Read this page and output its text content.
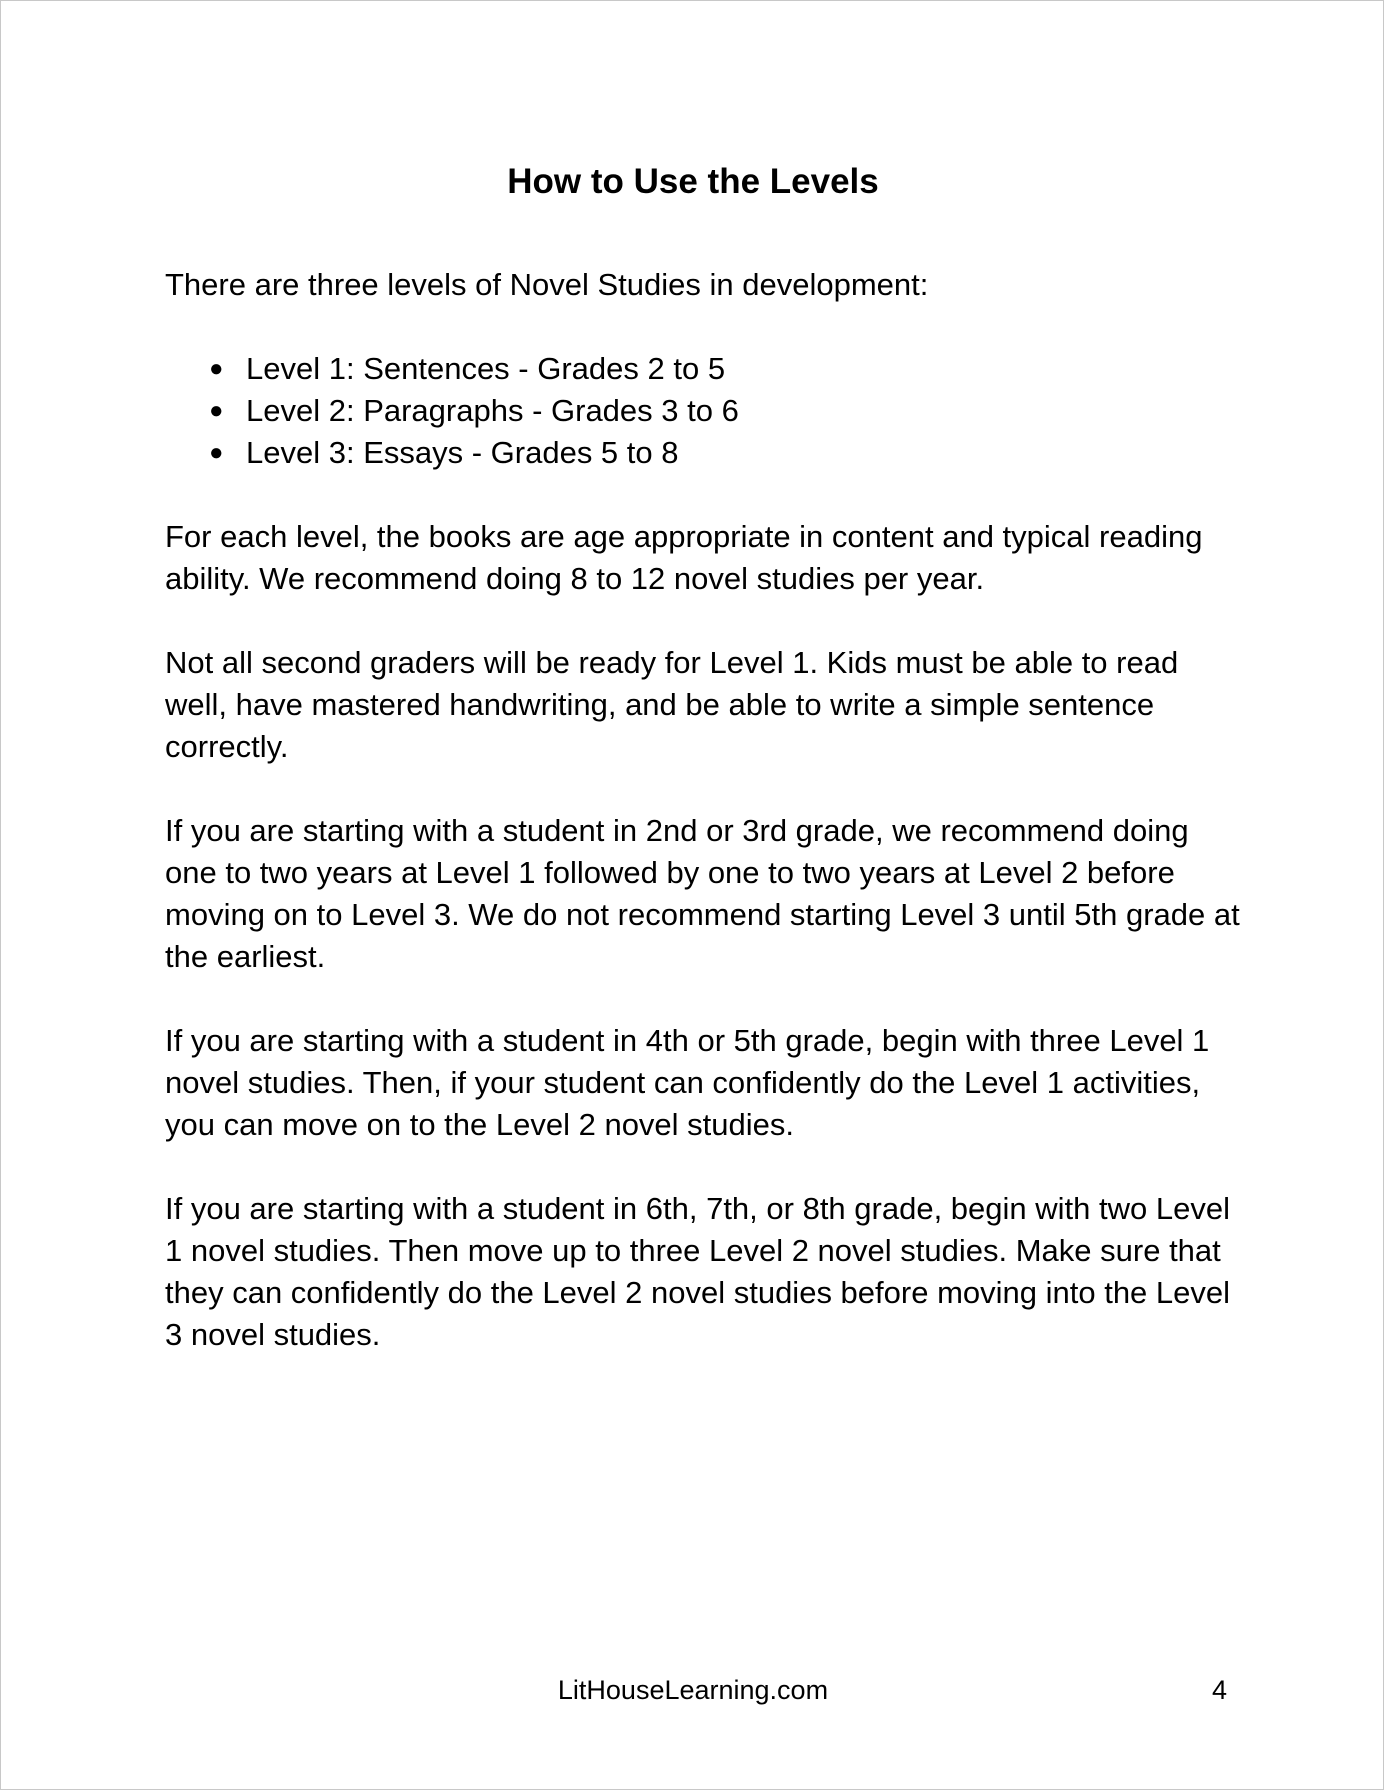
How to Use the Levels

There are three levels of Novel Studies in development:

● Level 1: Sentences - Grades 2 to 5
● Level 2: Paragraphs - Grades 3 to 6
● Level 3: Essays - Grades 5 to 8

For each level, the books are age appropriate in content and typical reading ability. We recommend doing 8 to 12 novel studies per year.

Not all second graders will be ready for Level 1. Kids must be able to read well, have mastered handwriting, and be able to write a simple sentence correctly.

If you are starting with a student in 2nd or 3rd grade, we recommend doing one to two years at Level 1 followed by one to two years at Level 2 before moving on to Level 3. We do not recommend starting Level 3 until 5th grade at the earliest.

If you are starting with a student in 4th or 5th grade, begin with three Level 1 novel studies. Then, if your student can confidently do the Level 1 activities, you can move on to the Level 2 novel studies.

If you are starting with a student in 6th, 7th, or 8th grade, begin with two Level 1 novel studies. Then move up to three Level 2 novel studies. Make sure that they can confidently do the Level 2 novel studies before moving into the Level 3 novel studies.

LitHouseLearning.com	4
